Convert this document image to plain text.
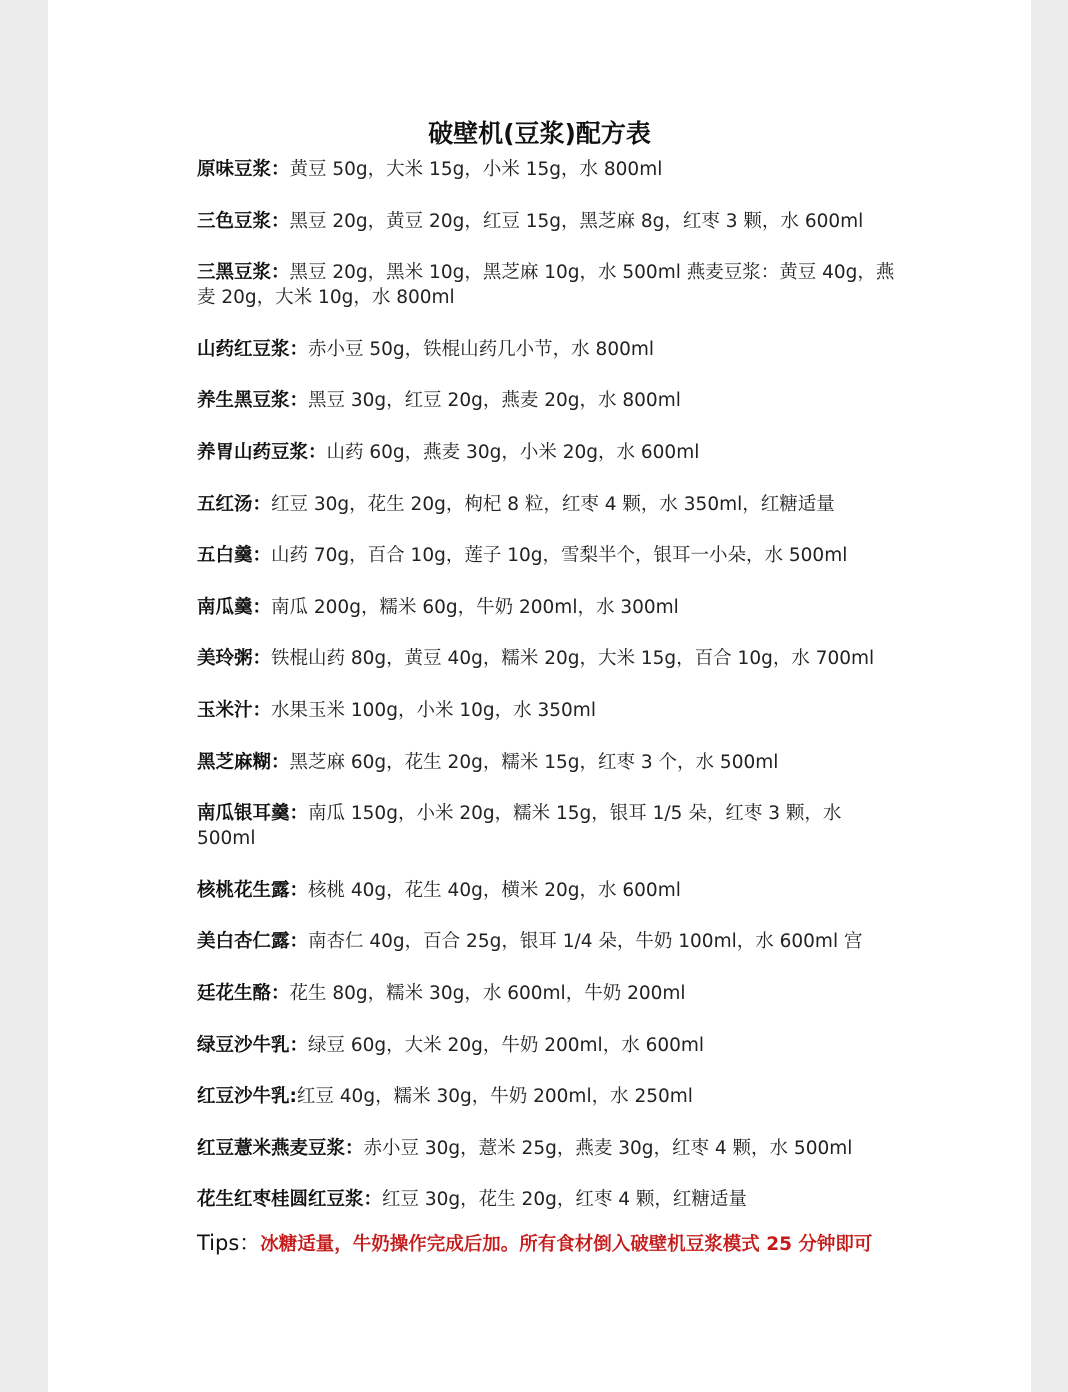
破壁机(豆浆)配方表
原味豆浆：黄豆 50g，大米 15g，小米 15g，水 800ml
三色豆浆：黑豆 20g，黄豆 20g，红豆 15g，黑芝麻 8g，红枣 3 颗，水 600ml
三黑豆浆：黑豆 20g，黑米 10g，黑芝麻 10g，水 500ml 燕麦豆浆：黄豆 40g，燕麦 20g，大米 10g，水 800ml
山药红豆浆：赤小豆 50g，铁棍山药几小节，水 800ml
养生黑豆浆：黑豆 30g，红豆 20g，燕麦 20g，水 800ml
养胃山药豆浆：山药 60g，燕麦 30g，小米 20g，水 600ml
五红汤：红豆 30g，花生 20g，枸杞 8 粒，红枣 4 颗，水 350ml，红糖适量
五白羹：山药 70g，百合 10g，莲子 10g，雪梨半个，银耳一小朵，水 500ml
南瓜羹：南瓜 200g，糯米 60g，牛奶 200ml，水 300ml
美玲粥：铁棍山药 80g，黄豆 40g，糯米 20g，大米 15g，百合 10g，水 700ml
玉米汁：水果玉米 100g，小米 10g，水 350ml
黑芝麻糊：黑芝麻 60g，花生 20g，糯米 15g，红枣 3 个，水 500ml
南瓜银耳羹：南瓜 150g，小米 20g，糯米 15g，银耳 1/5 朵，红枣 3 颗，水 500ml
核桃花生露：核桃 40g，花生 40g，横米 20g，水 600ml
美白杏仁露：南杏仁 40g，百合 25g，银耳 1/4 朵，牛奶 100ml，水 600ml 宫
廷花生酪：花生 80g，糯米 30g，水 600ml，牛奶 200ml
绿豆沙牛乳：绿豆 60g，大米 20g，牛奶 200ml，水 600ml
红豆沙牛乳:红豆 40g，糯米 30g，牛奶 200ml，水 250ml
红豆薏米燕麦豆浆：赤小豆 30g，薏米 25g，燕麦 30g，红枣 4 颗，水 500ml
花生红枣桂圆红豆浆：红豆 30g，花生 20g，红枣 4 颗，红糖适量

Tips：冰糖适量，牛奶操作完成后加。所有食材倒入破壁机豆浆模式 25 分钟即可
